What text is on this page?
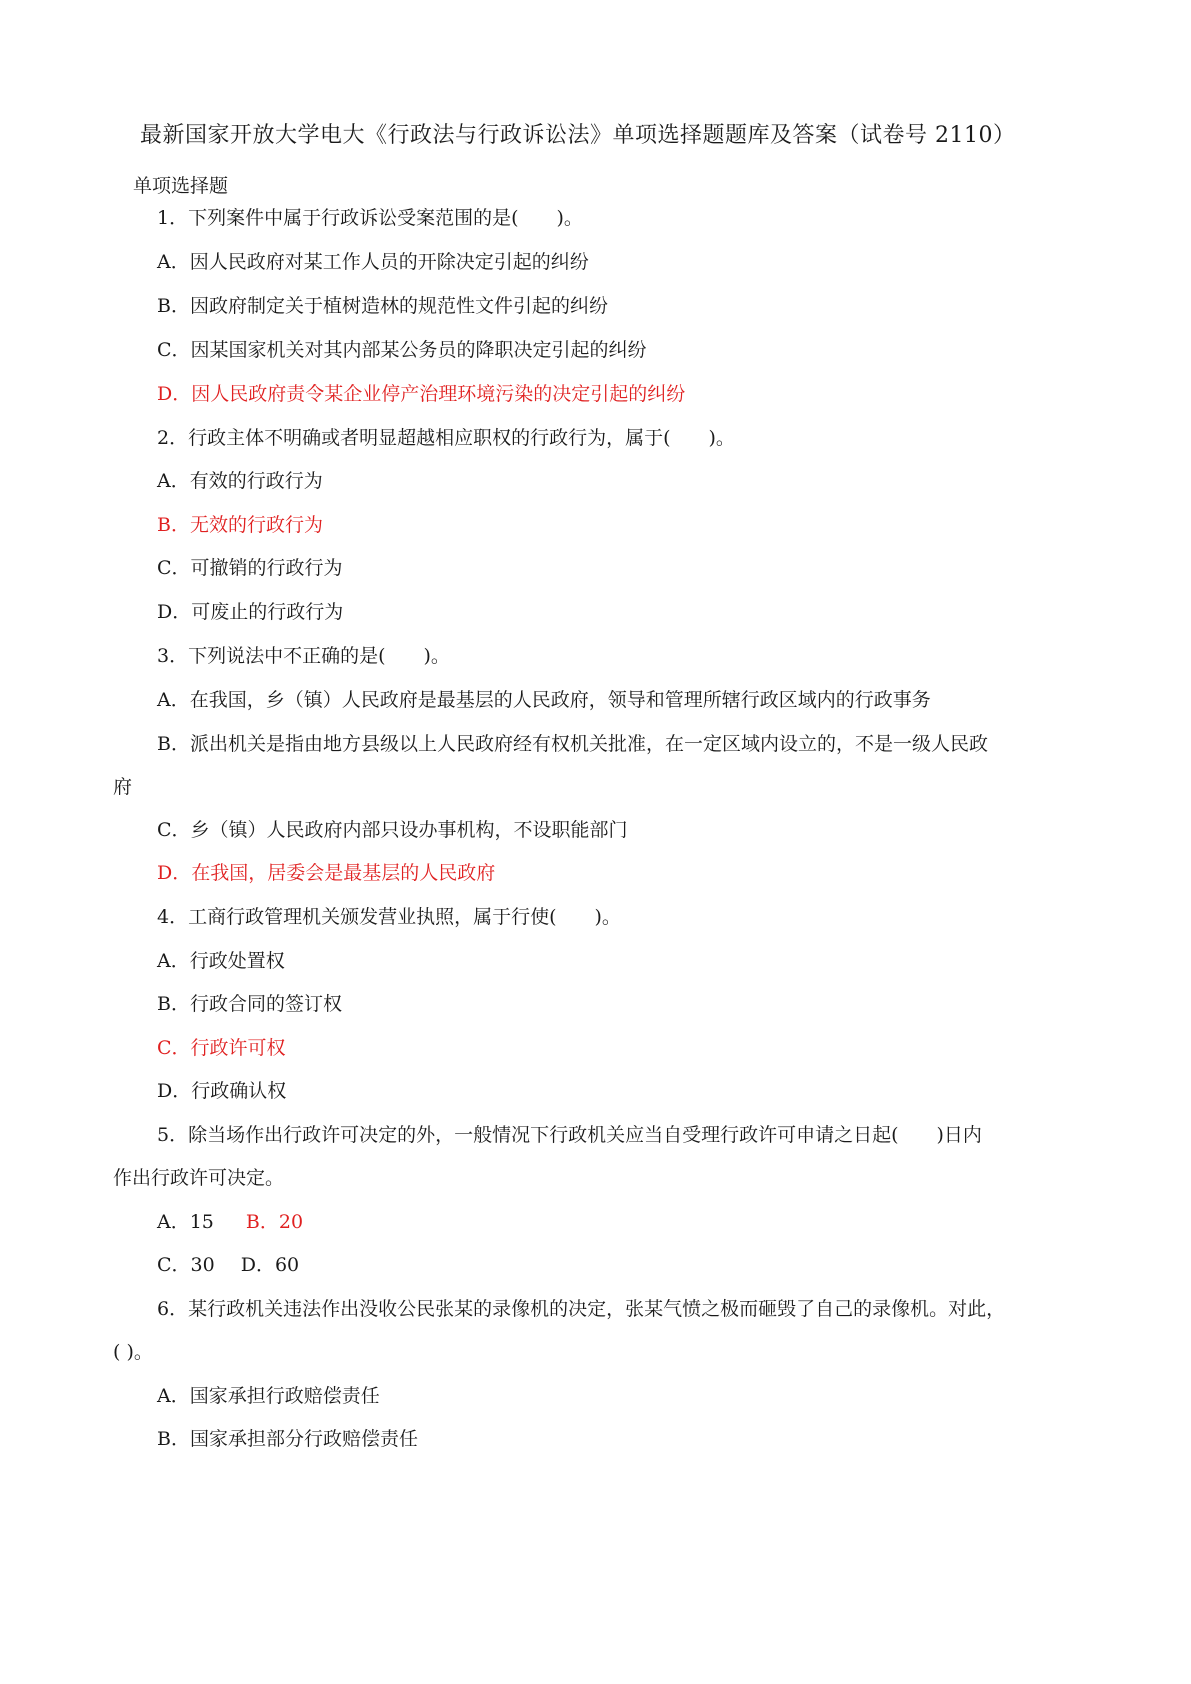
最新国家开放大学电大《行政法与行政诉讼法》单项选择题题库及答案（试卷号 2110）
单项选择题
1．下列案件中属于行政诉讼受案范围的是(　　)。
A．因人民政府对某工作人员的开除决定引起的纠纷
B．因政府制定关于植树造林的规范性文件引起的纠纷
C．因某国家机关对其内部某公务员的降职决定引起的纠纷
D．因人民政府责令某企业停产治理环境污染的决定引起的纠纷
2．行政主体不明确或者明显超越相应职权的行政行为，属于(　　)。
A．有效的行政行为
B．无效的行政行为
C．可撤销的行政行为
D．可废止的行政行为
3．下列说法中不正确的是(　　)。
A．在我国，乡（镇）人民政府是最基层的人民政府，领导和管理所辖行政区域内的行政事务
B．派出机关是指由地方县级以上人民政府经有权机关批准，在一定区域内设立的，不是一级人民政
府
C．乡（镇）人民政府内部只设办事机构，不设职能部门
D．在我国，居委会是最基层的人民政府
4．工商行政管理机关颁发营业执照，属于行使(　　)。
A．行政处置权
B．行政合同的签订权
C．行政许可权
D．行政确认权
5．除当场作出行政许可决定的外，一般情况下行政机关应当自受理行政许可申请之日起(　　)日内
作出行政许可决定。
A．15 B．20
C．30 D．60
6．某行政机关违法作出没收公民张某的录像机的决定，张某气愤之极而砸毁了自己的录像机。对此，
( )。
A．国家承担行政赔偿责任
B．国家承担部分行政赔偿责任
